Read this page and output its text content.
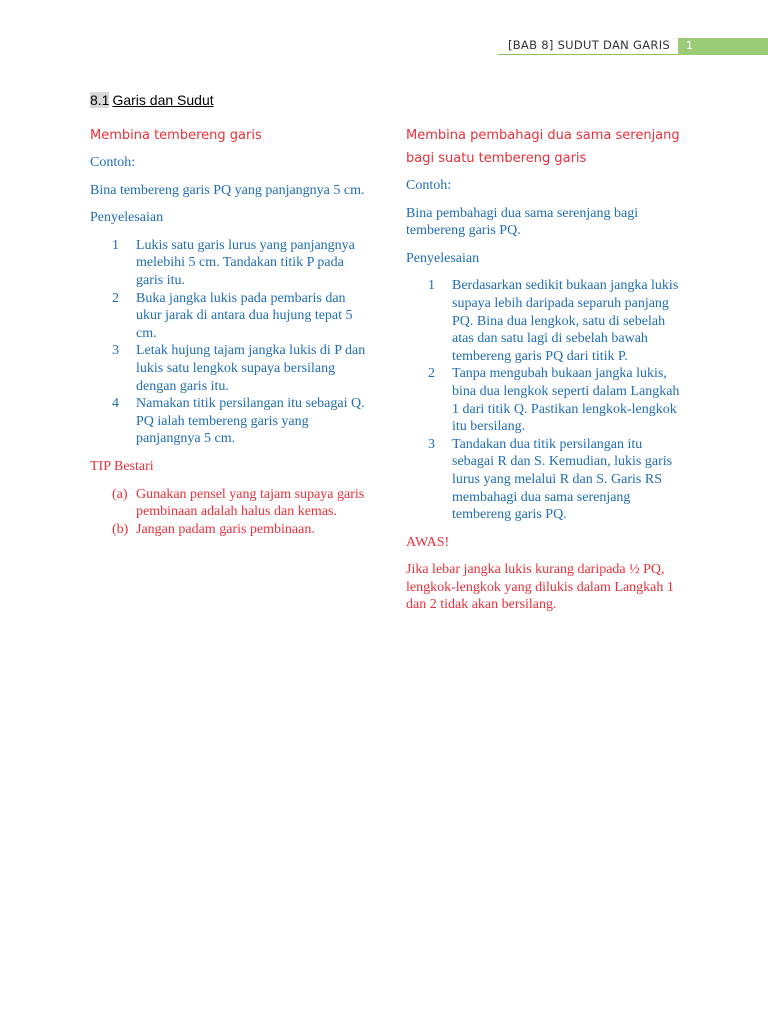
[BAB 8] SUDUT DAN GARIS 1
8.1 Garis dan Sudut
Membina tembereng garis
Contoh:
Bina tembereng garis PQ yang panjangnya 5 cm.
Penyelesaian
1 Lukis satu garis lurus yang panjangnya melebihi 5 cm. Tandakan titik P pada garis itu.
2 Buka jangka lukis pada pembaris dan ukur jarak di antara dua hujung tepat 5 cm.
3 Letak hujung tajam jangka lukis di P dan lukis satu lengkok supaya bersilang dengan garis itu.
4 Namakan titik persilangan itu sebagai Q. PQ ialah tembereng garis yang panjangnya 5 cm.
TIP Bestari
(a) Gunakan pensel yang tajam supaya garis pembinaan adalah halus dan kemas.
(b) Jangan padam garis pembinaan.
Membina pembahagi dua sama serenjang bagi suatu tembereng garis
Contoh:
Bina pembahagi dua sama serenjang bagi tembereng garis PQ.
Penyelesaian
1 Berdasarkan sedikit bukaan jangka lukis supaya lebih daripada separuh panjang PQ. Bina dua lengkok, satu di sebelah atas dan satu lagi di sebelah bawah tembereng garis PQ dari titik P.
2 Tanpa mengubah bukaan jangka lukis, bina dua lengkok seperti dalam Langkah 1 dari titik Q. Pastikan lengkok-lengkok itu bersilang.
3 Tandakan dua titik persilangan itu sebagai R dan S. Kemudian, lukis garis lurus yang melalui R dan S. Garis RS membahagi dua sama serenjang tembereng garis PQ.
AWAS!
Jika lebar jangka lukis kurang daripada ½ PQ, lengkok-lengkok yang dilukis dalam Langkah 1 dan 2 tidak akan bersilang.
